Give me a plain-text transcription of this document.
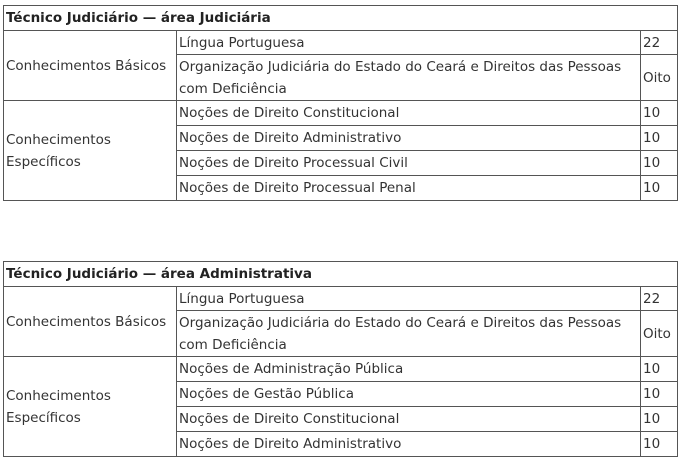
Técnico Judiciário — área Judiciária		
Conhecimentos Básicos	Língua Portuguesa	22
	Organização Judiciária do Estado do Ceará e Direitos das Pessoas com Deficiência	Oito
Conhecimentos Específicos	Noções de Direito Constitucional	10
	Noções de Direito Administrativo	10
	Noções de Direito Processual Civil	10
	Noções de Direito Processual Penal	10
Técnico Judiciário — área Administrativa		
Conhecimentos Básicos	Língua Portuguesa	22
	Organização Judiciária do Estado do Ceará e Direitos das Pessoas com Deficiência	Oito
Conhecimentos Específicos	Noções de Administração Pública	10
	Noções de Gestão Pública	10
	Noções de Direito Constitucional	10
	Noções de Direito Administrativo	10
